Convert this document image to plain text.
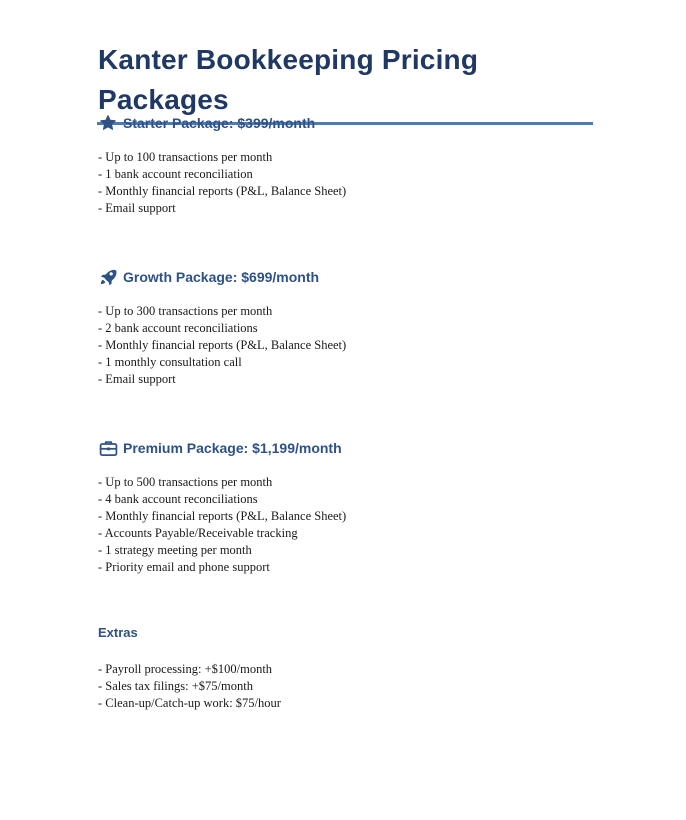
Kanter Bookkeeping Pricing Packages
Starter Package: $399/month
- Up to 100 transactions per month
- 1 bank account reconciliation
- Monthly financial reports (P&L, Balance Sheet)
- Email support
Growth Package: $699/month
- Up to 300 transactions per month
- 2 bank account reconciliations
- Monthly financial reports (P&L, Balance Sheet)
- 1 monthly consultation call
- Email support
Premium Package: $1,199/month
- Up to 500 transactions per month
- 4 bank account reconciliations
- Monthly financial reports (P&L, Balance Sheet)
- Accounts Payable/Receivable tracking
- 1 strategy meeting per month
- Priority email and phone support
Extras
- Payroll processing: +$100/month
- Sales tax filings: +$75/month
- Clean-up/Catch-up work: $75/hour
